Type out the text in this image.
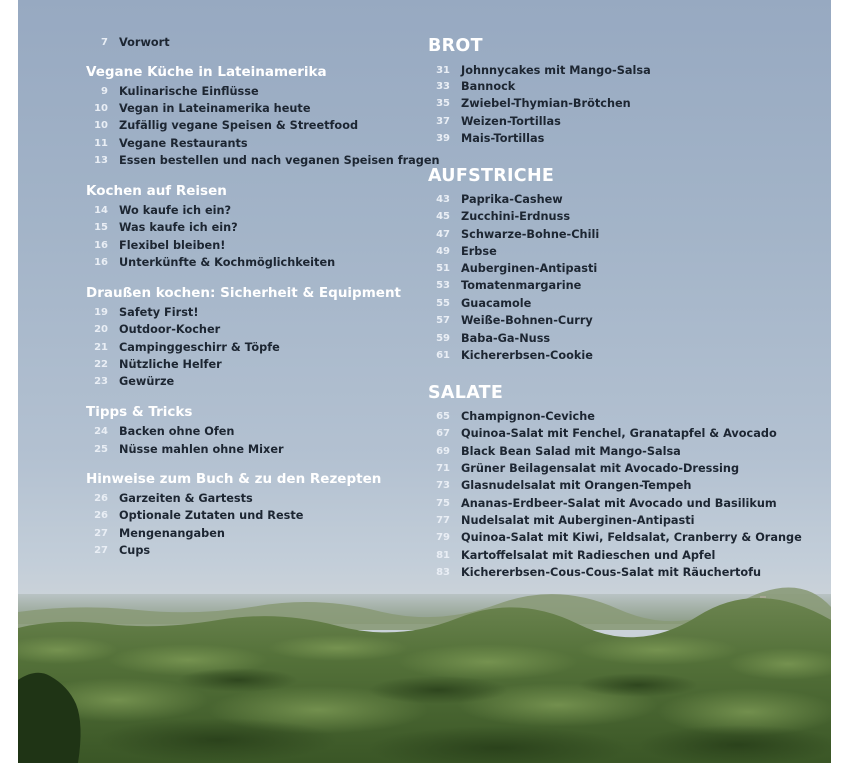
7 Vorwort
Vegane Küche in Lateinamerika
9 Kulinarische Einflüsse
10 Vegan in Lateinamerika heute
10 Zufällig vegane Speisen & Streetfood
11 Vegane Restaurants
13 Essen bestellen und nach veganen Speisen fragen
Kochen auf Reisen
14 Wo kaufe ich ein?
15 Was kaufe ich ein?
16 Flexibel bleiben!
16 Unterkünfte & Kochmöglichkeiten
Draußen kochen: Sicherheit & Equipment
19 Safety First!
20 Outdoor-Kocher
21 Campinggeschirr & Töpfe
22 Nützliche Helfer
23 Gewürze
Tipps & Tricks
24 Backen ohne Ofen
25 Nüsse mahlen ohne Mixer
Hinweise zum Buch & zu den Rezepten
26 Garzeiten & Gartests
26 Optionale Zutaten und Reste
27 Mengenangaben
27 Cups
BROT
31 Johnnycakes mit Mango-Salsa
33 Bannock
35 Zwiebel-Thymian-Brötchen
37 Weizen-Tortillas
39 Mais-Tortillas
AUFSTRICHE
43 Paprika-Cashew
45 Zucchini-Erdnuss
47 Schwarze-Bohne-Chili
49 Erbse
51 Auberginen-Antipasti
53 Tomatenmargarine
55 Guacamole
57 Weiße-Bohnen-Curry
59 Baba-Ga-Nuss
61 Kichererbsen-Cookie
SALATE
65 Champignon-Ceviche
67 Quinoa-Salat mit Fenchel, Granatapfel & Avocado
69 Black Bean Salad mit Mango-Salsa
71 Grüner Beilagensalat mit Avocado-Dressing
73 Glasnudelsalat mit Orangen-Tempeh
75 Ananas-Erdbeer-Salat mit Avocado und Basilikum
77 Nudelsalat mit Auberginen-Antipasti
79 Quinoa-Salat mit Kiwi, Feldsalat, Cranberry & Orange
81 Kartoffelsalat mit Radieschen und Apfel
83 Kichererbsen-Cous-Cous-Salat mit Räuchertofu
